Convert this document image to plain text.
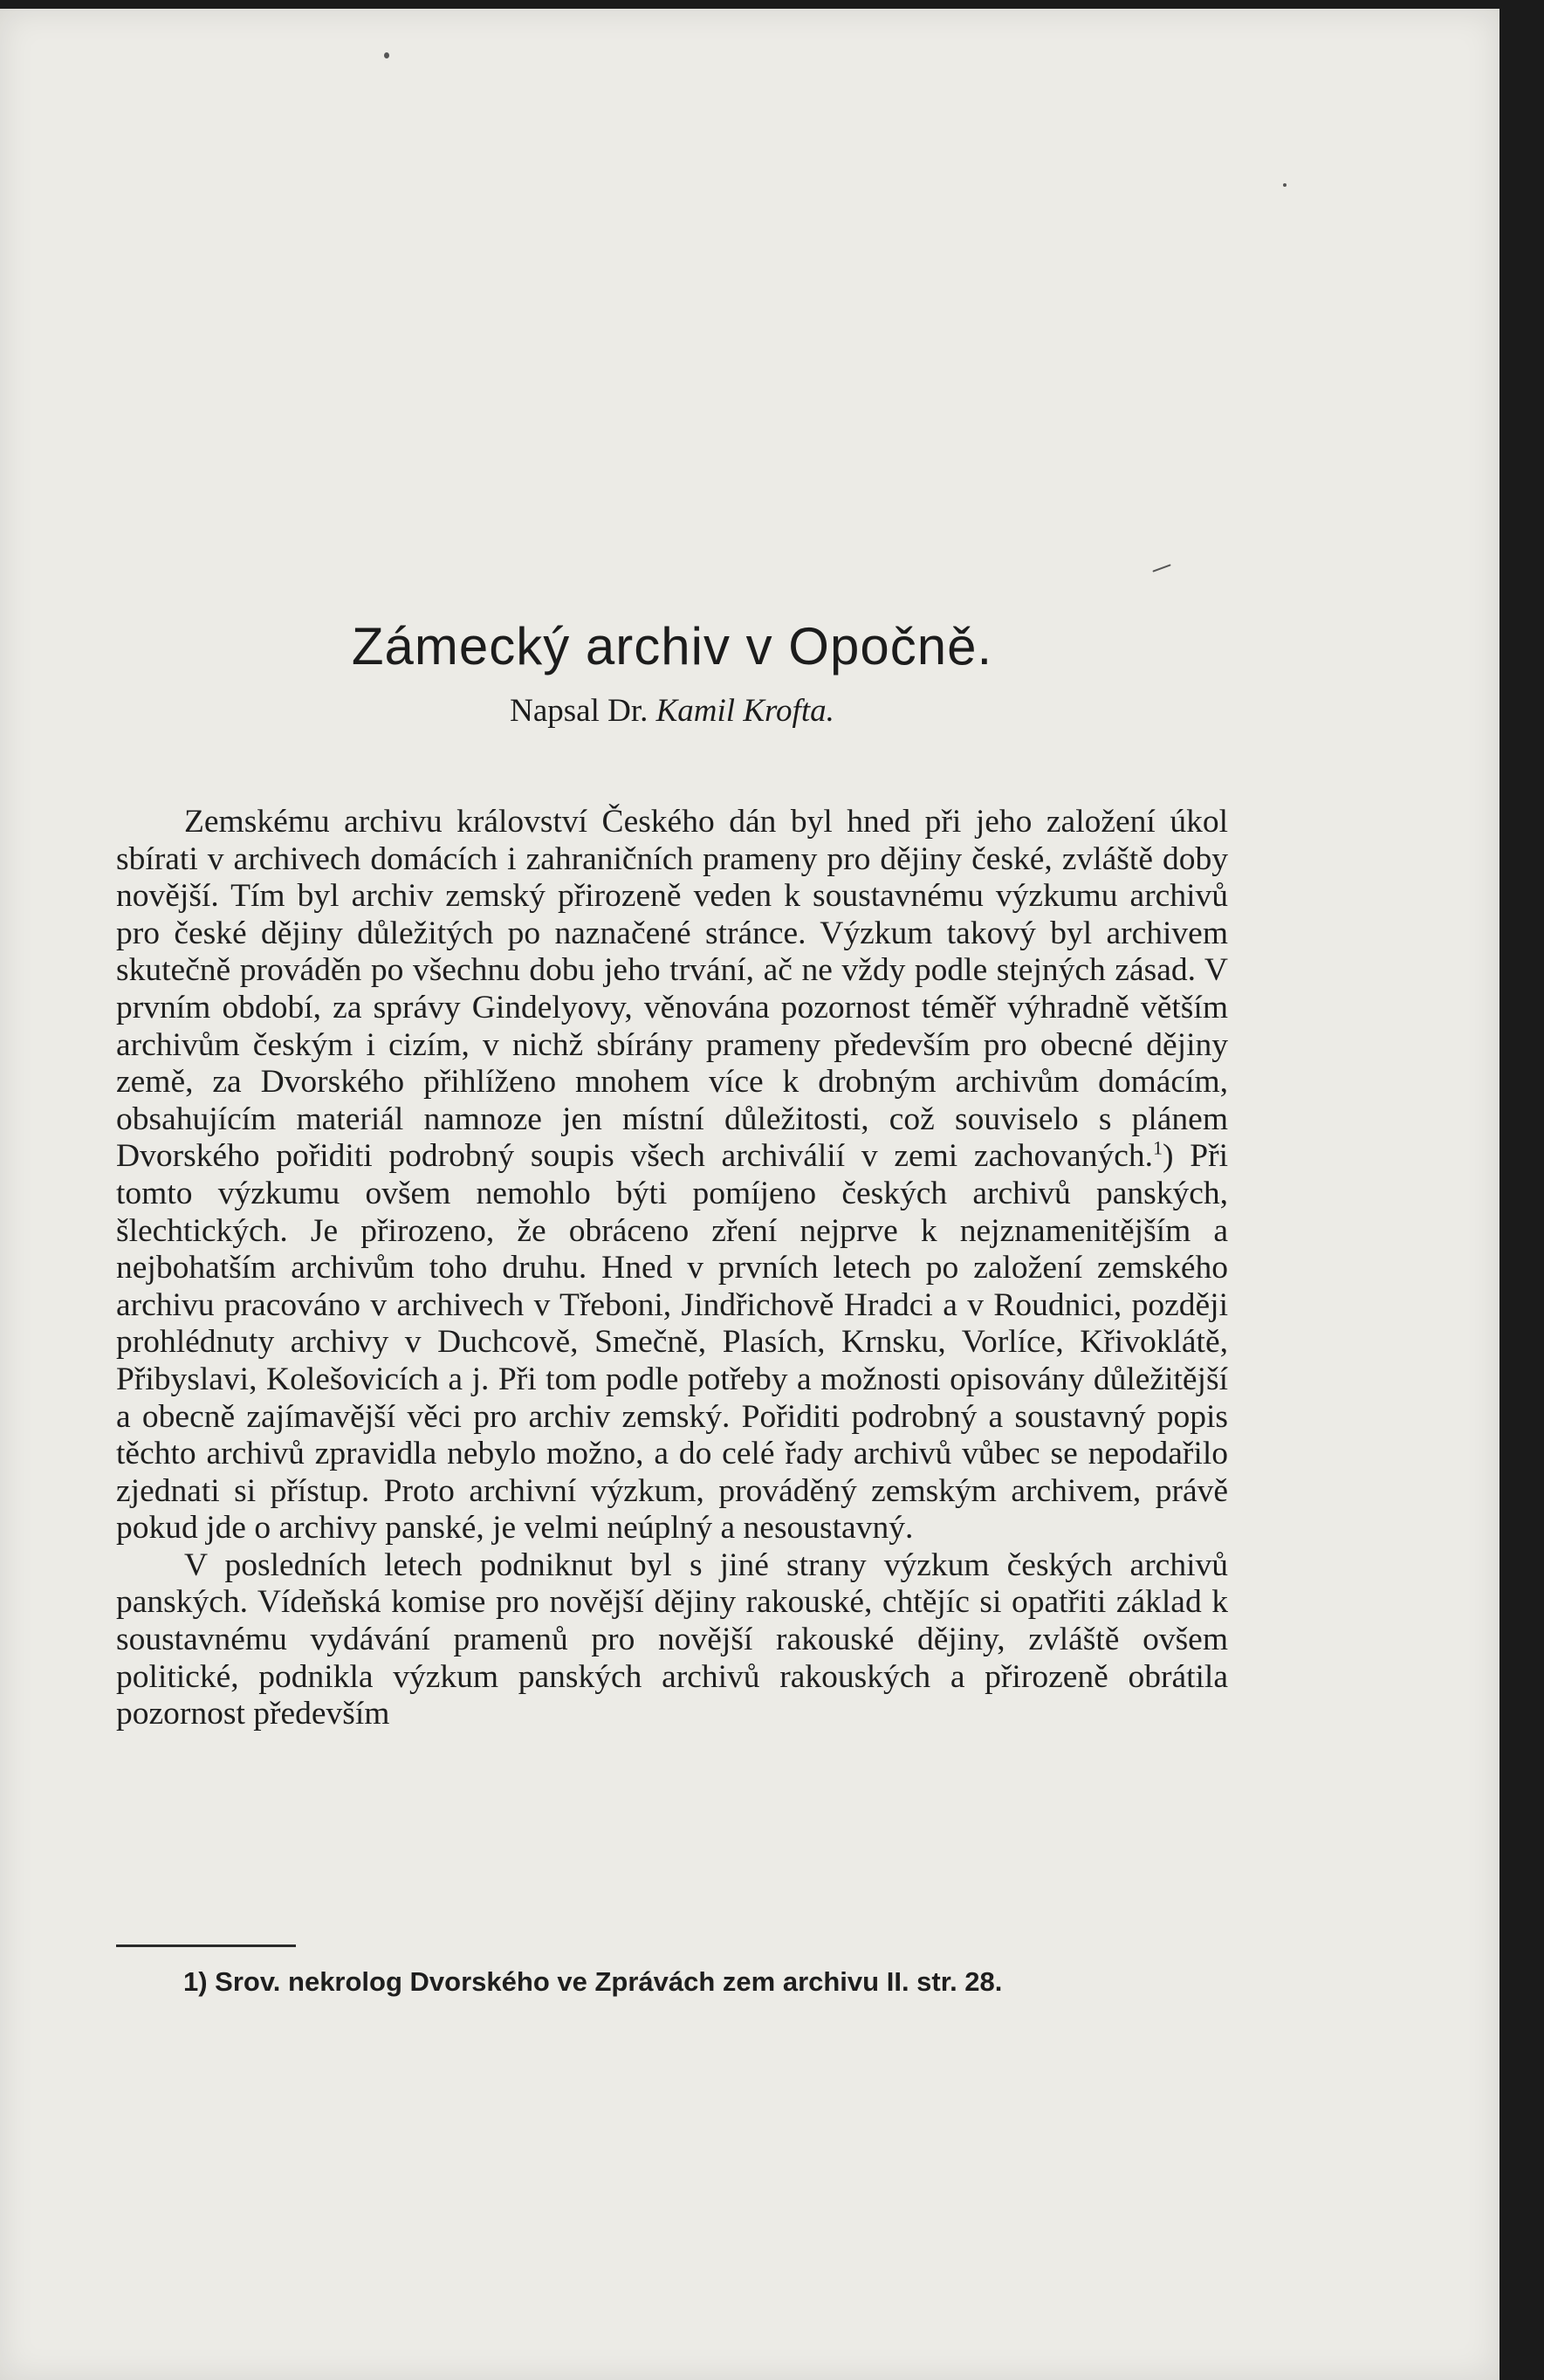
Zámecký archiv v Opočně.

Napsal Dr. Kamil Krofta.

Zemskému archivu království Českého dán byl hned při jeho založení úkol sbírati v archivech domácích i zahraničních prameny pro dějiny české, zvláště doby novější. Tím byl archiv zemský přirozeně veden k soustavnému výzkumu archivů pro české dějiny důležitých po naznačené stránce. Výzkum takový byl archivem skutečně prováděn po všechnu dobu jeho trvání, ač ne vždy podle stejných zásad. V prvním období, za správy Gindelyovy, věnována pozornost téměř výhradně větším archivům českým i cizím, v nichž sbírány prameny především pro obecné dějiny země, za Dvorského přihlíženo mnohem více k drobným archivům domácím, obsahujícím materiál namnoze jen místní důležitosti, což souviselo s plánem Dvorského pořiditi podrobný soupis všech archiválií v zemi zachovaných.$^1$) Při tomto výzkumu ovšem nemohlo býti pomíjeno českých archivů panských, šlechtických. Je přirozeno, že obráceno zření nejprve k nejznamenitějším a nejbohatším archivům toho druhu. Hned v prvních letech po založení zemského archivu pracováno v archivech v Třeboni, Jindřichově Hradci a v Roudnici, později prohlédnuty archivy v Duchcově, Smečně, Plasích, Krnsku, Vorlíce, Křivoklátě, Přibyslavi, Kolešovicích a j. Při tom podle potřeby a možnosti opisovány důležitější a obecně zajímavější věci pro archiv zemský. Pořiditi podrobný a soustavný popis těchto archivů zpravidla nebylo možno, a do celé řady archivů vůbec se nepodařilo zjednati si přístup. Proto archivní výzkum, prováděný zemským archivem, právě pokud jde o archivy panské, je velmi neúplný a nesoustavný.

V posledních letech podniknut byl s jiné strany výzkum českých archivů panských. Vídeňská komise pro novější dějiny rakouské, chtějíc si opatřiti základ k soustavnému vydávání pramenů pro novější rakouské dějiny, zvláště ovšem politické, podnikla výzkum panských archivů rakouských a přirozeně obrátila pozornost především

1) Srov. nekrolog Dvorského ve Zprávách zem archivu II. str. 28.
